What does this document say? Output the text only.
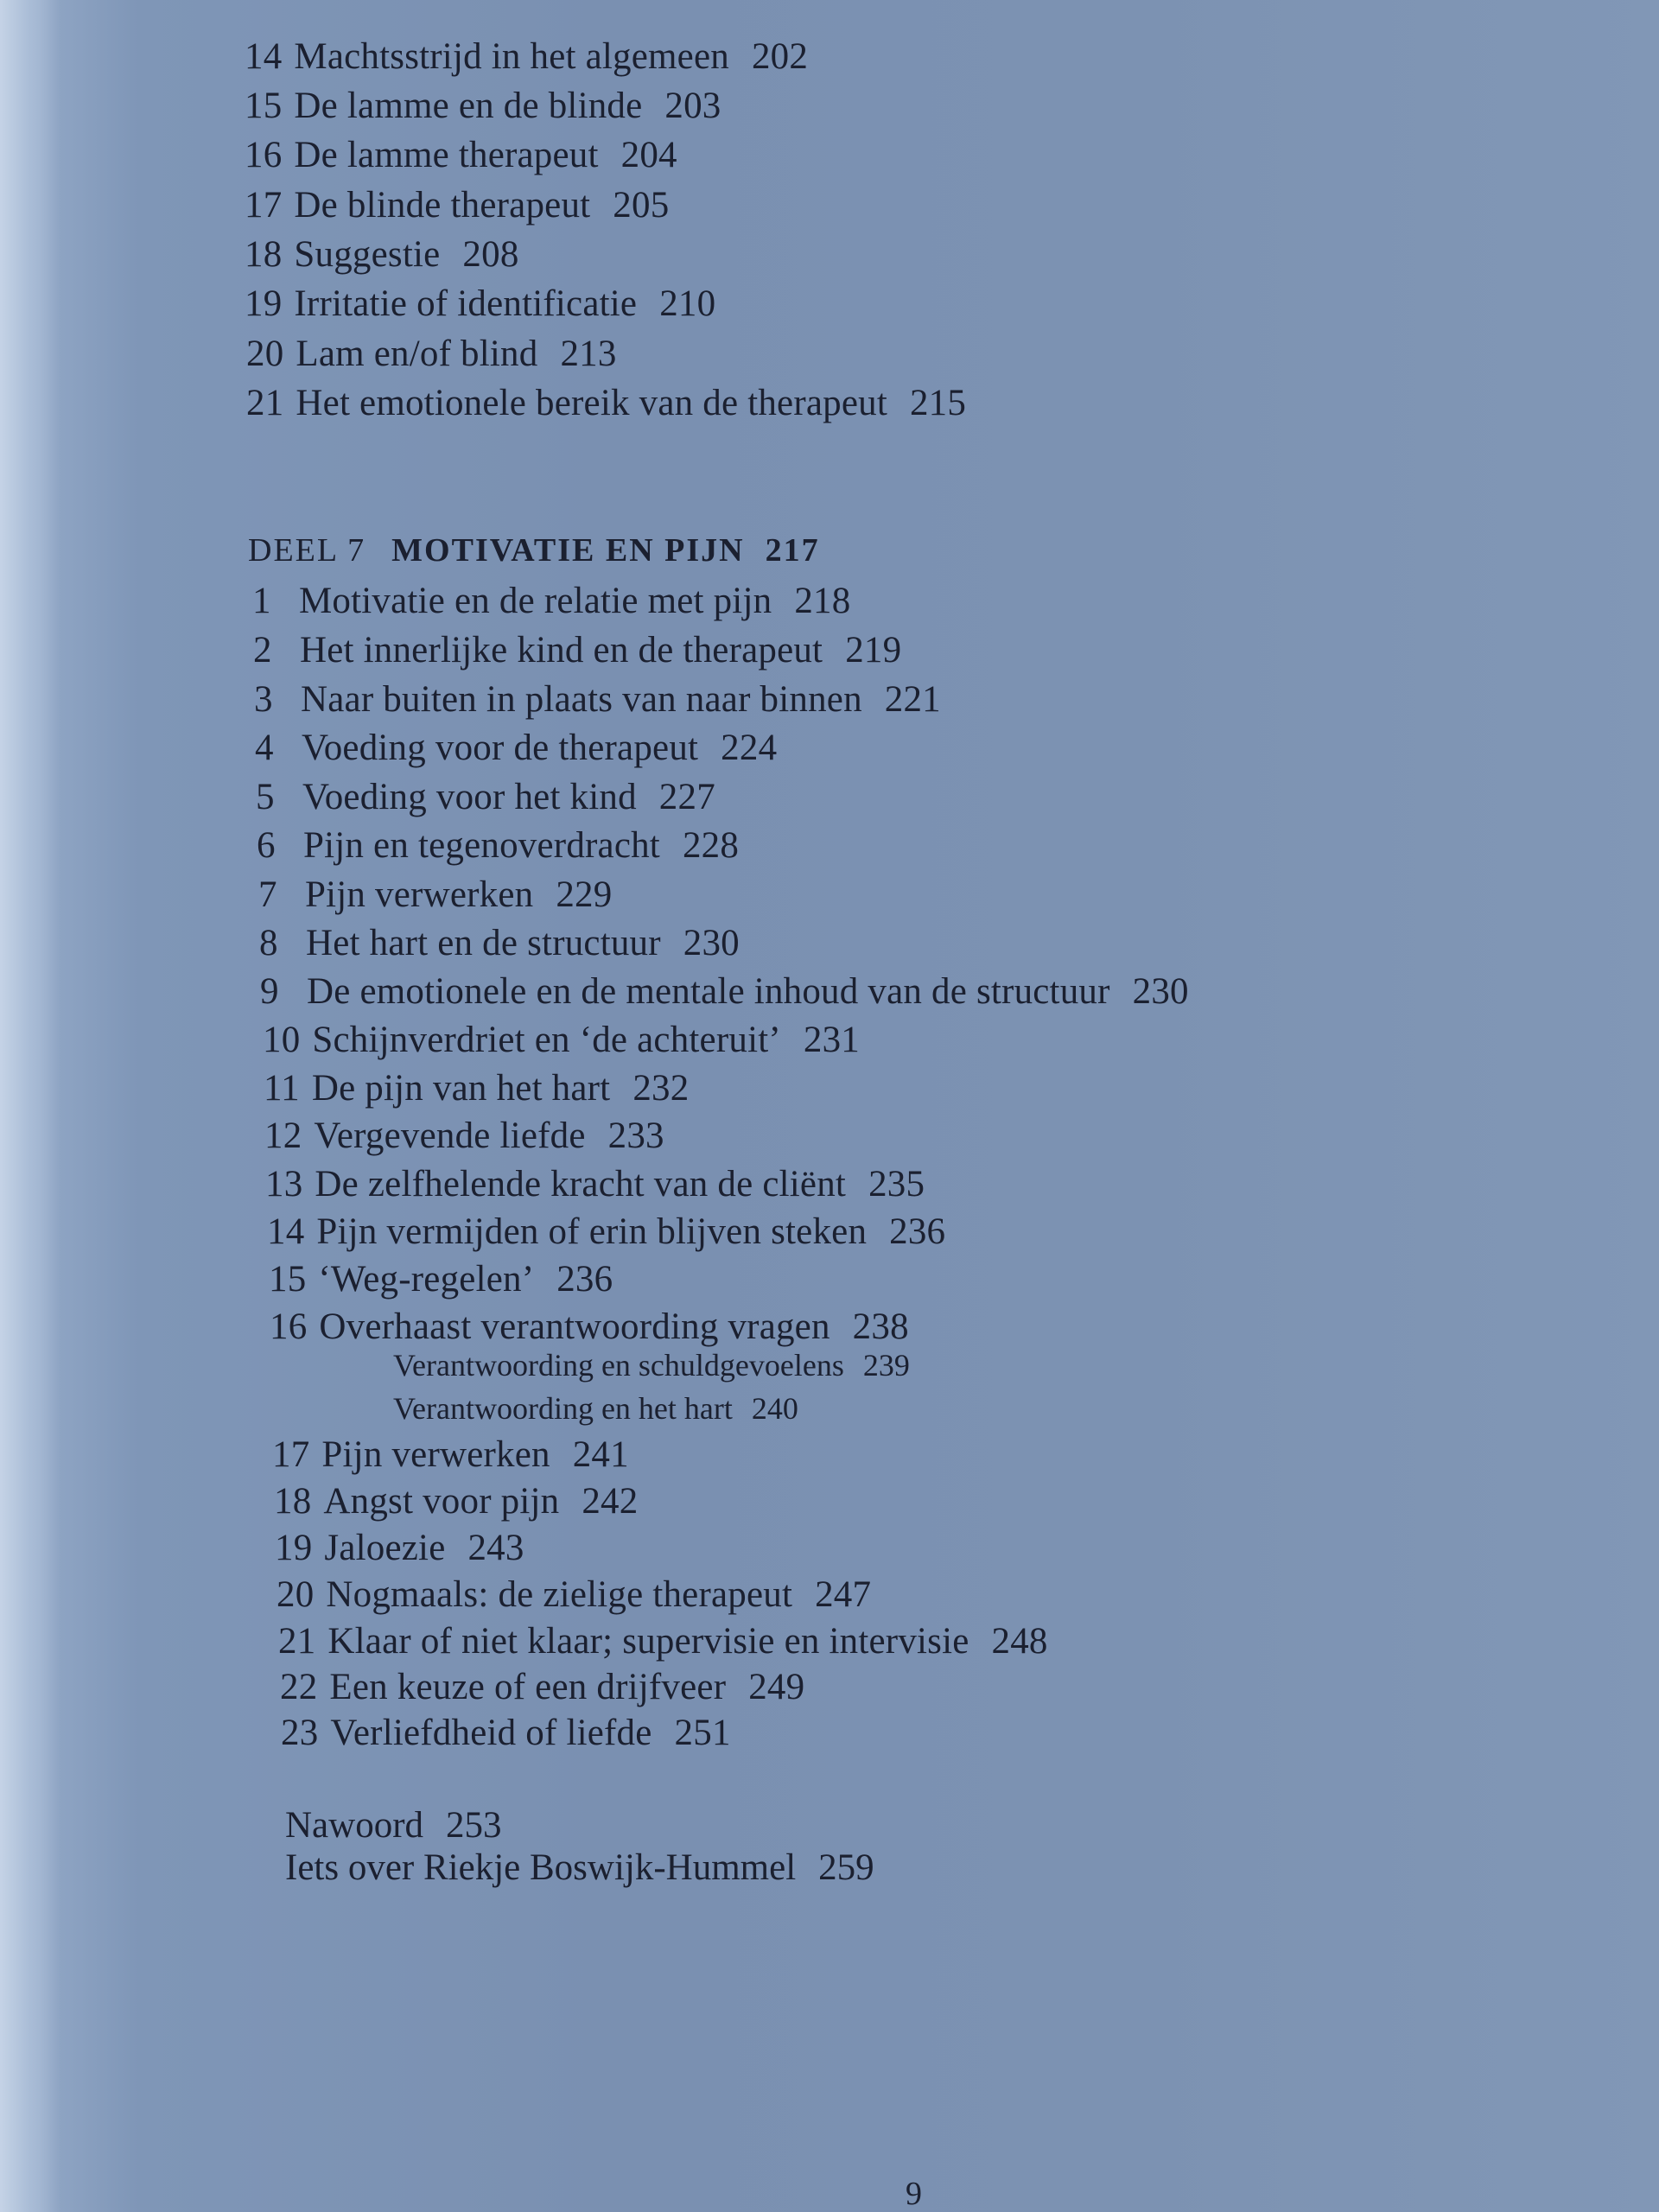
14 Machtsstrijd in het algemeen 202
15 De lamme en de blinde 203
16 De lamme therapeut 204
17 De blinde therapeut 205
18 Suggestie 208
19 Irritatie of identificatie 210
20 Lam en/of blind 213
21 Het emotionele bereik van de therapeut 215
DEEL 7 MOTIVATIE EN PIJN 217
1 Motivatie en de relatie met pijn 218
2 Het innerlijke kind en de therapeut 219
3 Naar buiten in plaats van naar binnen 221
4 Voeding voor de therapeut 224
5 Voeding voor het kind 227
6 Pijn en tegenoverdracht 228
7 Pijn verwerken 229
8 Het hart en de structuur 230
9 De emotionele en de mentale inhoud van de structuur 230
10 Schijnverdriet en ‘de achteruit’ 231
11 De pijn van het hart 232
12 Vergevende liefde 233
13 De zelfhelende kracht van de cliënt 235
14 Pijn vermijden of erin blijven steken 236
15 ‘Weg-regelen’ 236
16 Overhaast verantwoording vragen 238
Verantwoording en schuldgevoelens 239
Verantwoording en het hart 240
17 Pijn verwerken 241
18 Angst voor pijn 242
19 Jaloezie 243
20 Nogmaals: de zielige therapeut 247
21 Klaar of niet klaar; supervisie en intervisie 248
22 Een keuze of een drijfveer 249
23 Verliefdheid of liefde 251
Nawoord 253
Iets over Riekje Boswijk-Hummel 259
9
